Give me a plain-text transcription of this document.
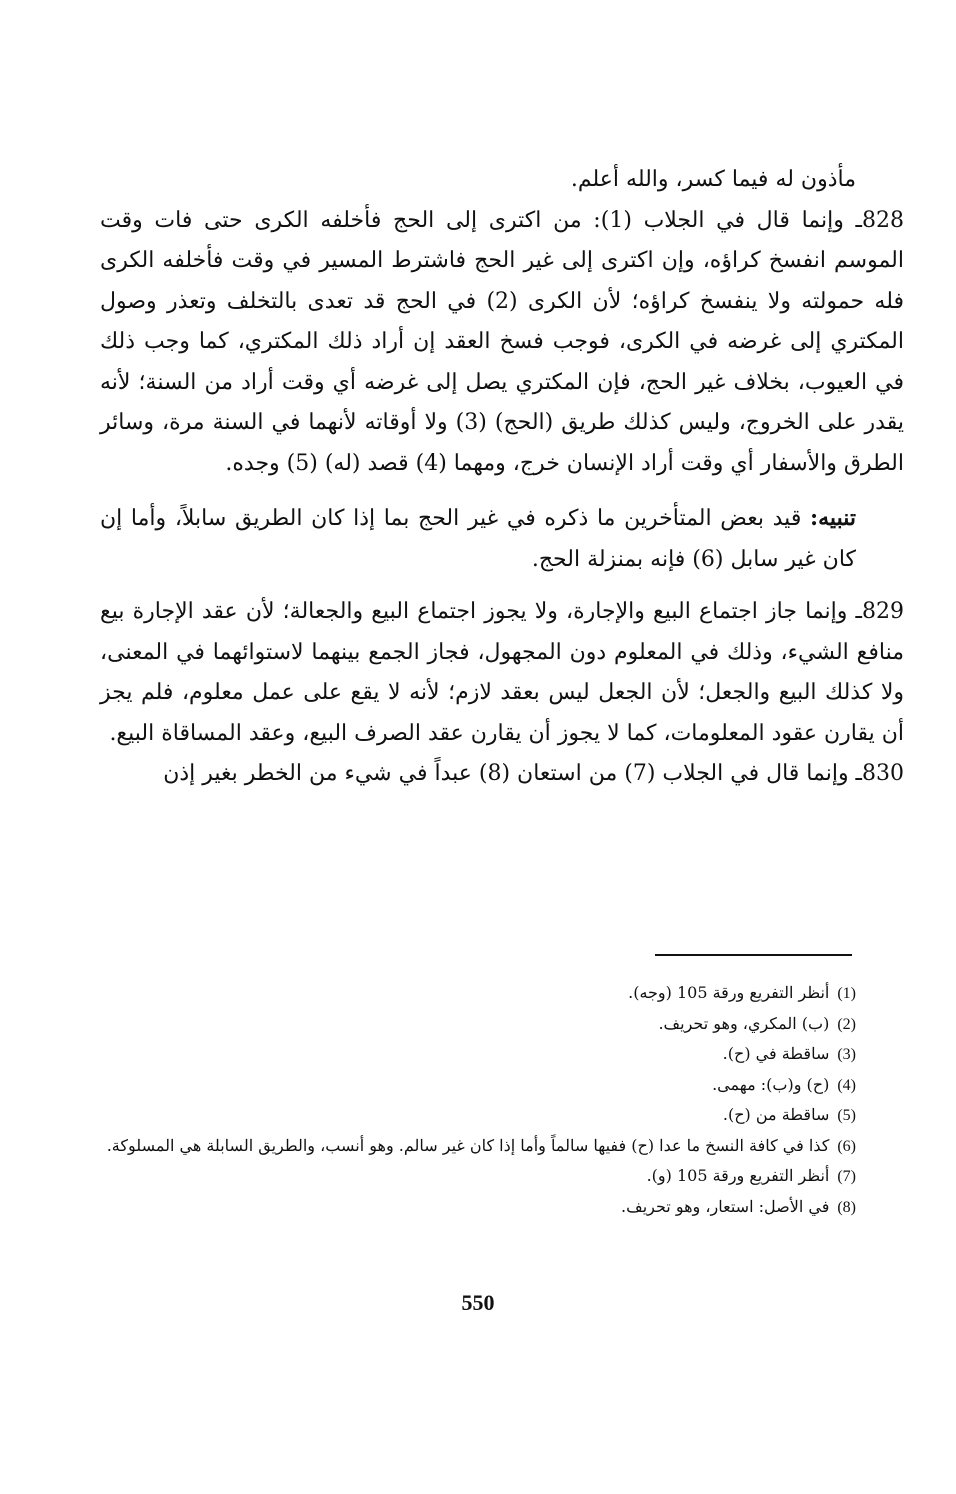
مأذون له فيما كسر، والله أعلم.

828ـ وإنما قال في الجلاب (1): من اكترى إلى الحج فأخلفه الكرى حتى فات وقت الموسم انفسخ كراؤه، وإن اكترى إلى غير الحج فاشترط المسير في وقت فأخلفه الكرى فله حمولته ولا ينفسخ كراؤه؛ لأن الكرى (2) في الحج قد تعدى بالتخلف وتعذر وصول المكتري إلى غرضه في الكرى، فوجب فسخ العقد إن أراد ذلك المكتري، كما وجب ذلك في العيوب، بخلاف غير الحج، فإن المكتري يصل إلى غرضه أي وقت أراد من السنة؛ لأنه يقدر على الخروج، وليس كذلك طريق (الحج) (3) ولا أوقاته لأنهما في السنة مرة، وسائر الطرق والأسفار أي وقت أراد الإنسان خرج، ومهما (4) قصد (له) (5) وجده.

تنبيه: قيد بعض المتأخرين ما ذكره في غير الحج بما إذا كان الطريق سابلاً، وأما إن كان غير سابل (6) فإنه بمنزلة الحج.

829ـ وإنما جاز اجتماع البيع والإجارة، ولا يجوز اجتماع البيع والجعالة؛ لأن عقد الإجارة بيع منافع الشيء، وذلك في المعلوم دون المجهول، فجاز الجمع بينهما لاستوائهما في المعنى، ولا كذلك البيع والجعل؛ لأن الجعل ليس بعقد لازم؛ لأنه لا يقع على عمل معلوم، فلم يجز أن يقارن عقود المعلومات، كما لا يجوز أن يقارن عقد الصرف البيع، وعقد المساقاة البيع.

830ـ وإنما قال في الجلاب (7) من استعان (8) عبداً في شيء من الخطر بغير إذن

(1)أنظر التفريع ورقة 105 (وجه).

(2)(ب) المكري، وهو تحريف.

(3)ساقطة في (ح).

(4)(ح) و(ب): مهمى.

(5)ساقطة من (ح).

(6)كذا في كافة النسخ ما عدا (ح) ففيها سالماً وأما إذا كان غير سالم. وهو أنسب، والطريق السابلة هي المسلوكة.

(7)أنظر التفريع ورقة 105 (و).

(8)في الأصل: استعار، وهو تحريف.

550
